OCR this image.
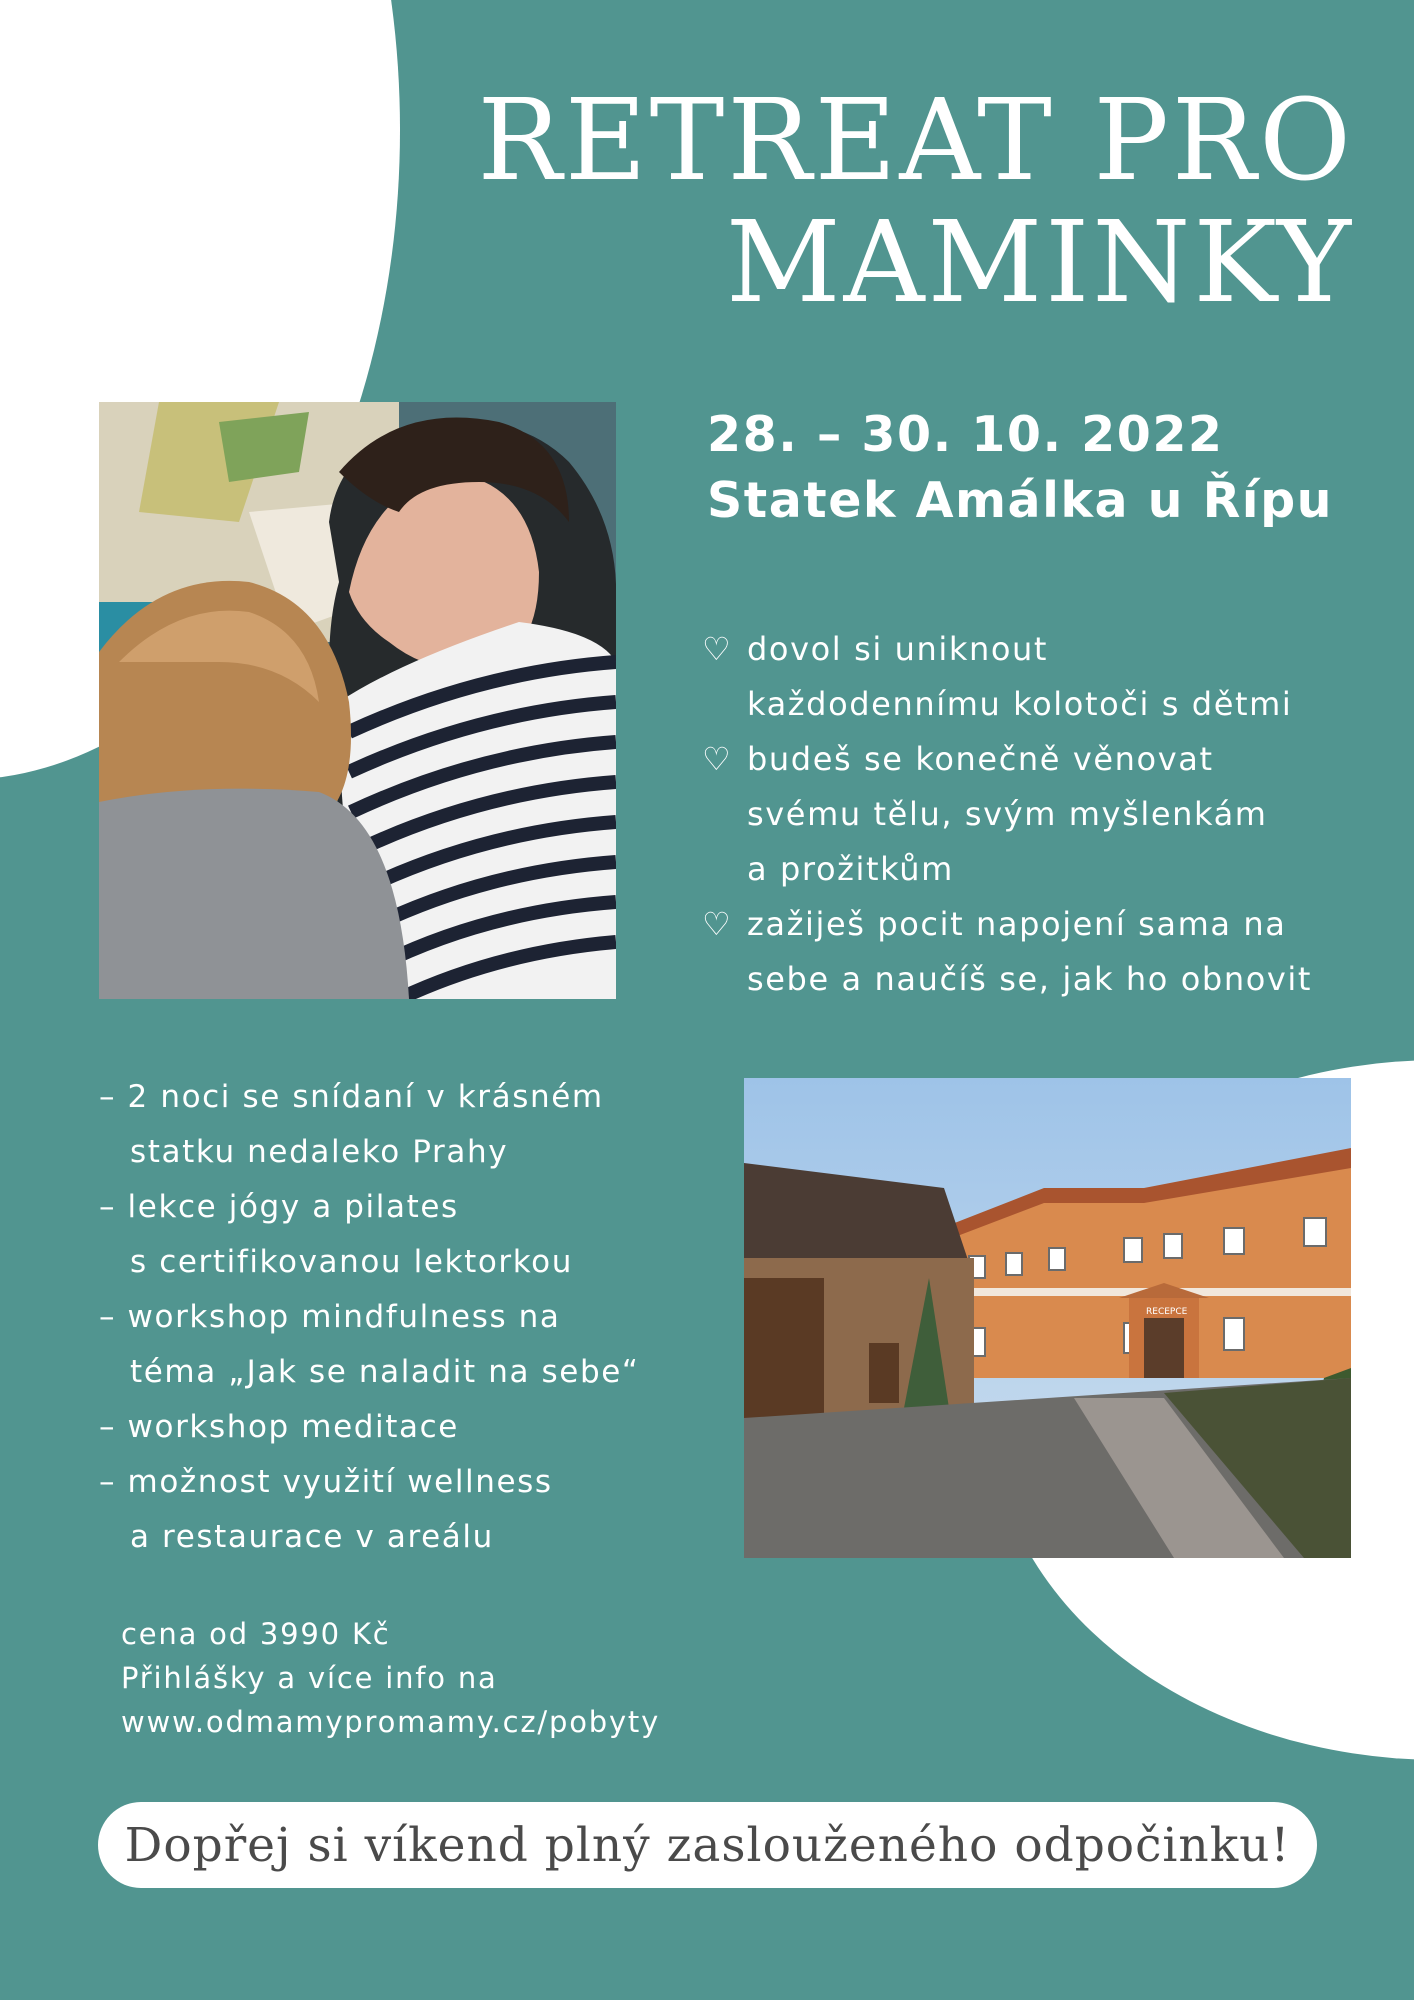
RETREAT PRO
MAMINKY
28. – 30. 10. 2022
Statek Amálka u Řípu
♡ dovol si uniknout
každodennímu kolotoči s dětmi
♡ budeš se konečně věnovat
svému tělu, svým myšlenkám
a prožitkům
♡ zažiješ pocit napojení sama na
sebe a naučíš se, jak ho obnovit
– 2 noci se snídaní v krásném
statku nedaleko Prahy
– lekce jógy a pilates
s certifikovanou lektorkou
– workshop mindfulness na
téma „Jak se naladit na sebe“
– workshop meditace
– možnost využití wellness
a restaurace v areálu
RECEPCE
cena od 3990 Kč
Přihlášky a více info na
www.odmamypromamy.cz/pobyty
Dopřej si víkend plný zaslouženého odpočinku!
